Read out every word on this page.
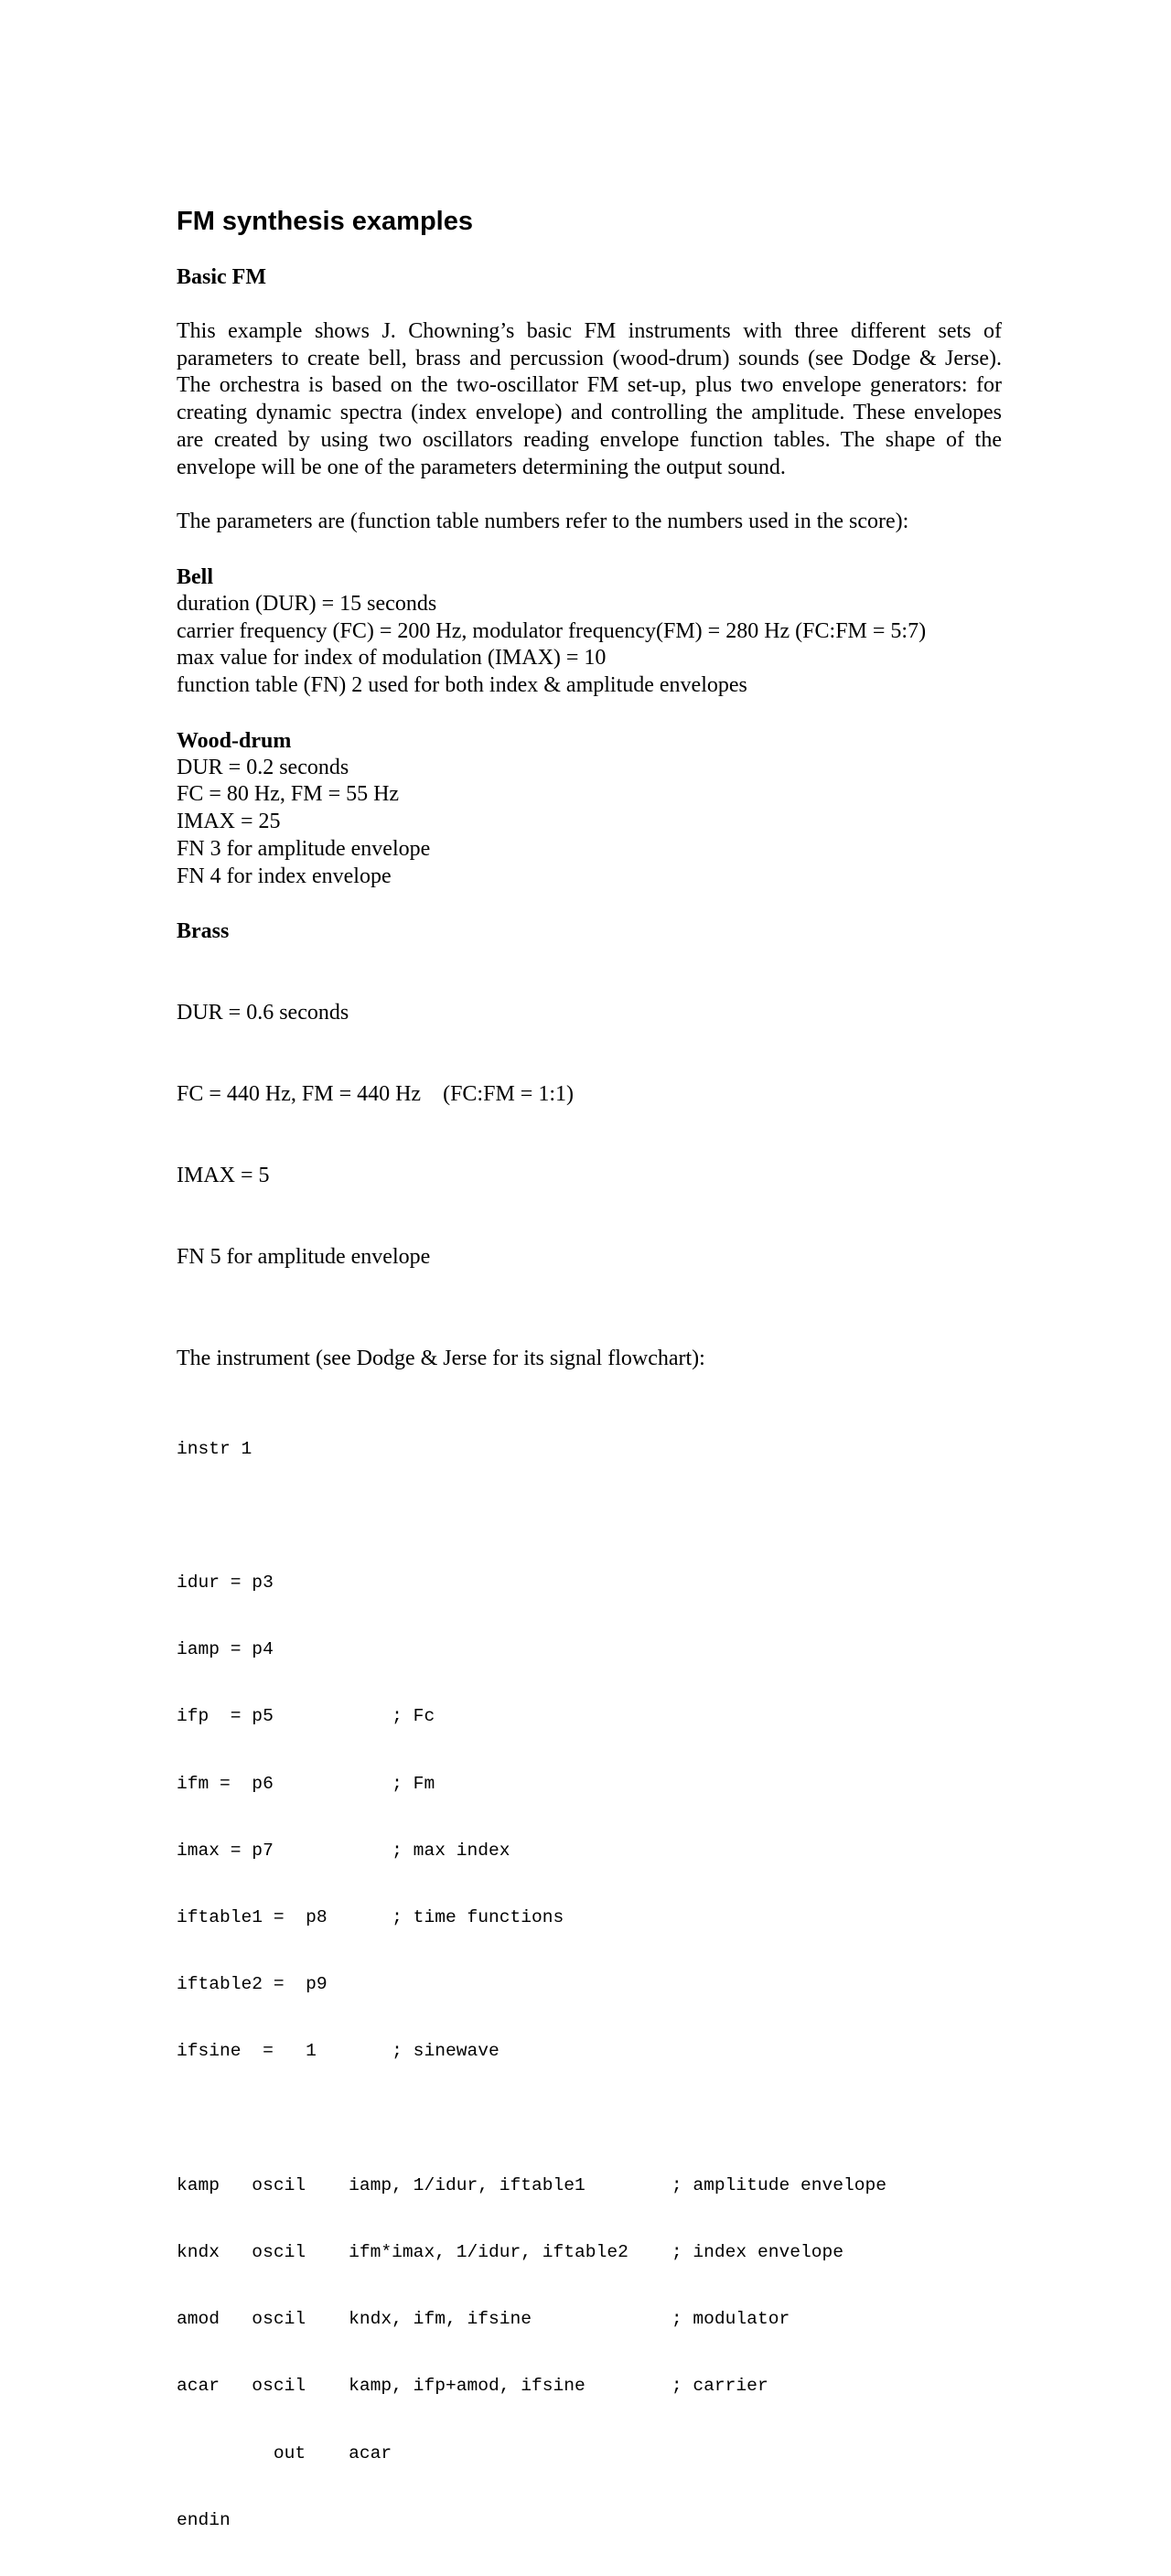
FM synthesis examples
Basic FM

This example shows J. Chowning’s basic FM instruments with three different sets of parameters to create bell, brass and percussion (wood-drum) sounds (see Dodge & Jerse). The orchestra is based on the two-oscillator FM set-up, plus two envelope generators: for creating dynamic spectra (index envelope) and controlling the amplitude. These envelopes are created by using two oscillators reading envelope function tables. The shape of the envelope will be one of the parameters determining the output sound.

The parameters are (function table numbers refer to the numbers used in the score):

Bell
duration (DUR) = 15 seconds
carrier frequency (FC) = 200 Hz, modulator frequency(FM) = 280 Hz (FC:FM = 5:7)
max value for index of modulation (IMAX) = 10
function table (FN) 2 used for both index & amplitude envelopes
Wood-drum
DUR = 0.2 seconds
FC = 80 Hz, FM = 55 Hz
IMAX = 25
FN 3 for amplitude envelope
FN 4 for index envelope
Brass

DUR = 0.6 seconds

FC = 440 Hz, FM = 440 Hz    (FC:FM = 1:1)

IMAX = 5

FN 5 for amplitude envelope

The instrument (see Dodge & Jerse for its signal flowchart):

instr 1

idur = p3

iamp = p4

ifp  = p5           ; Fc

ifm =  p6           ; Fm

imax = p7           ; max index

iftable1 =  p8      ; time functions

iftable2 =  p9

ifsine  =   1       ; sinewave

kamp   oscil    iamp, 1/idur, iftable1        ; amplitude envelope

kndx   oscil    ifm*imax, 1/idur, iftable2    ; index envelope

amod   oscil    kndx, ifm, ifsine             ; modulator

acar   oscil    kamp, ifp+amod, ifsine        ; carrier

out    acar

endin
